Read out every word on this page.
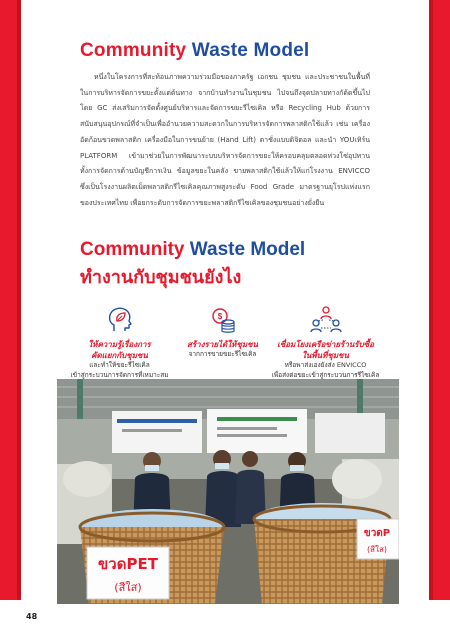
Community Waste Model

หนึ่งในโครงการที่สะท้อนภาพความร่วมมือของภาครัฐ เอกชน ชุมชน และประชาชนในพื้นที่ในการบริหารจัดการขยะตั้งแต่ต้นทาง จากบ้านทำงานในชุมชน ไปจนถึงจุดปลายทางกัด้ดขึ้นไปโดย GC ส่งเสริมการจัดตั้งศูนย์บริหารและจัดการขยะรีไซเคิล หรือ Recycling Hub ด้วยการสนับสนุนอุปกรณ์ที่จำเป็นเพื่ออำนวยความสะดวกในการบริหารจัดการพลาสติกใช้แล้ว เช่น เครื่องอัดก้อนขวดพลาสติก เครื่องมือในการขนย้าย (Hand Lift) ตาชั่งแบบดิจิตอล และนำ YOUเทิร์น PLATFORM เข้ามาช่วยในการพัฒนาระบบบริหารจัดการขยะให้ครอบคลุมตลอดห่วงโซ่อุปทาน ทั้งการจัดการด้านบัญชีการเงิน ข้อมูลขยะในคลัง ขายพลาสติกใช้แล้วให้แก่โรงงาน ENVICCO ซึ่งเป็นโรงงานผลิตเม็ดพลาสติกรีไซเคิลคุณภาพสูงระดับ Food Grade มาตรฐานยุโรปแห่งแรกของประเทศไทย เพื่อยกระดับการจัดการขยะพลาสติกรีไซเคิลของชุมชนอย่างยั่งยืน

Community Waste Model
ทำงานกับชุมชนยังไง
ให้ความรู้เรื่องการ
คัดแยกกับชุมชน
และทำให้ขยะรีไซเคิล
เข้าสู่กระบวนการจัดการที่เหมาะสม
$
สร้างรายได้ให้ชุมชน
จากการขายขยะรีไซเคิล
เชื่อมโยงเครือข่ายร้านรับซื้อ
ในพื้นที่ชุมชน
หรือพาส่งเองยังส่ง ENVICCO
เพื่อส่งต่อขยะเข้าสู่กระบวนการรีไซเคิล
ขวดPET
(สีใส)
ขวดP
(สีใส)
48
